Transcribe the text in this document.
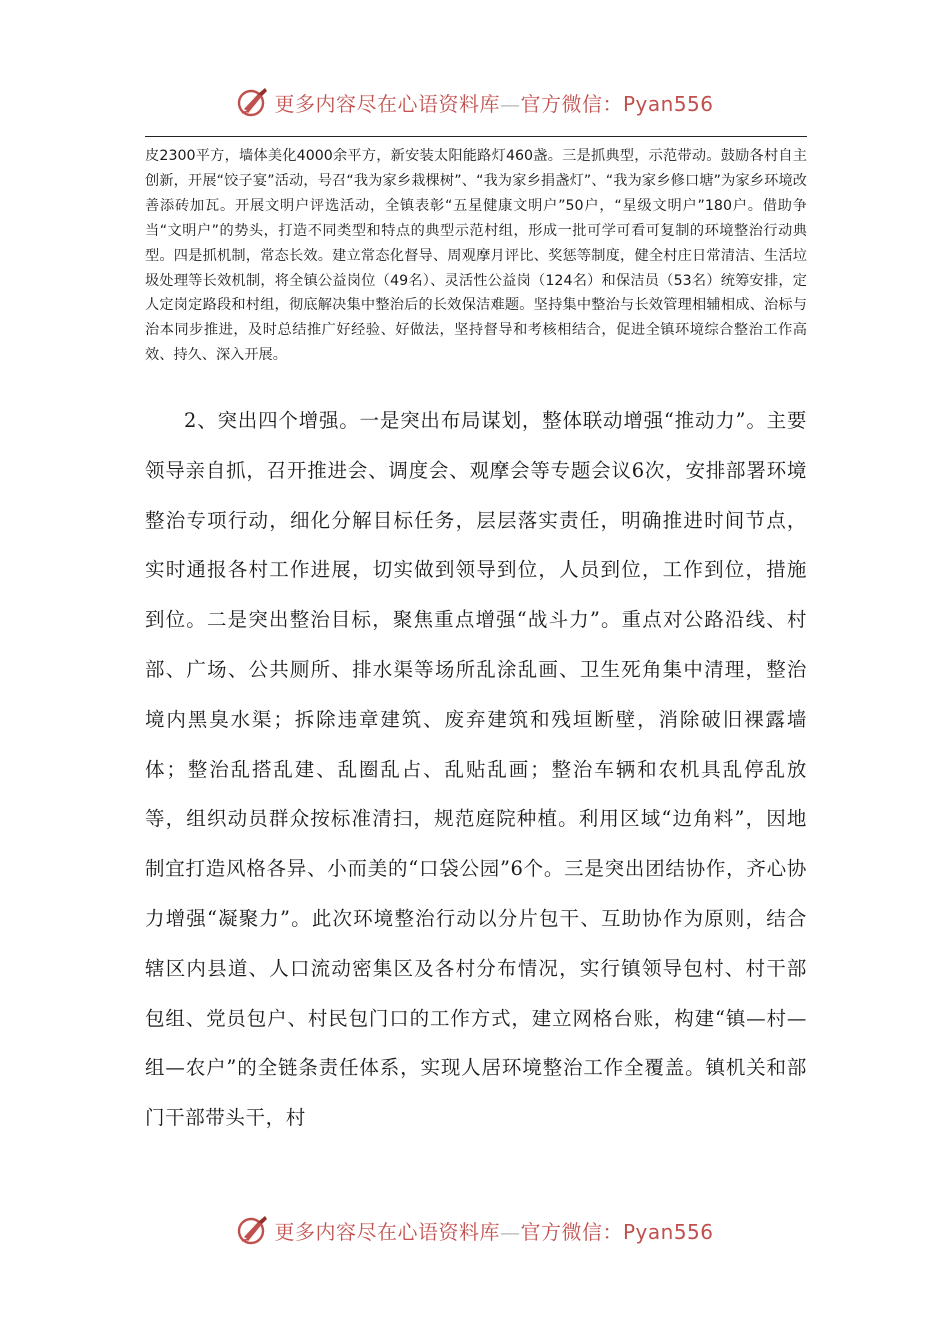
更多内容尽在心语资料库—官方微信：Pyan556

皮2300平方，墙体美化4000余平方，新安装太阳能路灯460盏。三是抓典型，示范带动。鼓励各村自主创新，开展“饺子宴”活动，号召“我为家乡栽棵树”、“我为家乡捐盏灯”、“我为家乡修口塘”为家乡环境改善添砖加瓦。开展文明户评选活动，全镇表彰“五星健康文明户”50户，“星级文明户”180户。借助争当“文明户”的势头，打造不同类型和特点的典型示范村组，形成一批可学可看可复制的环境整治行动典型。四是抓机制，常态长效。建立常态化督导、周观摩月评比、奖惩等制度，健全村庄日常清洁、生活垃圾处理等长效机制，将全镇公益岗位（49名）、灵活性公益岗（124名）和保洁员（53名）统筹安排，定人定岗定路段和村组，彻底解决集中整治后的长效保洁难题。坚持集中整治与长效管理相辅相成、治标与治本同步推进，及时总结推广好经验、好做法，坚持督导和考核相结合，促进全镇环境综合整治工作高效、持久、深入开展。

2、突出四个增强。一是突出布局谋划，整体联动增强“推动力”。主要领导亲自抓，召开推进会、调度会、观摩会等专题会议6次，安排部署环境整治专项行动，细化分解目标任务，层层落实责任，明确推进时间节点，实时通报各村工作进展，切实做到领导到位，人员到位，工作到位，措施到位。二是突出整治目标，聚焦重点增强“战斗力”。重点对公路沿线、村部、广场、公共厕所、排水渠等场所乱涂乱画、卫生死角集中清理，整治境内黑臭水渠；拆除违章建筑、废弃建筑和残垣断壁，消除破旧裸露墙体；整治乱搭乱建、乱圈乱占、乱贴乱画；整治车辆和农机具乱停乱放等，组织动员群众按标准清扫，规范庭院种植。利用区域“边角料”，因地制宜打造风格各异、小而美的“口袋公园”6个。三是突出团结协作，齐心协力增强“凝聚力”。此次环境整治行动以分片包干、互助协作为原则，结合辖区内县道、人口流动密集区及各村分布情况，实行镇领导包村、村干部包组、党员包户、村民包门口的工作方式，建立网格台账，构建“镇—村—组—农户”的全链条责任体系，实现人居环境整治工作全覆盖。镇机关和部门干部带头干，村

更多内容尽在心语资料库—官方微信：Pyan556
